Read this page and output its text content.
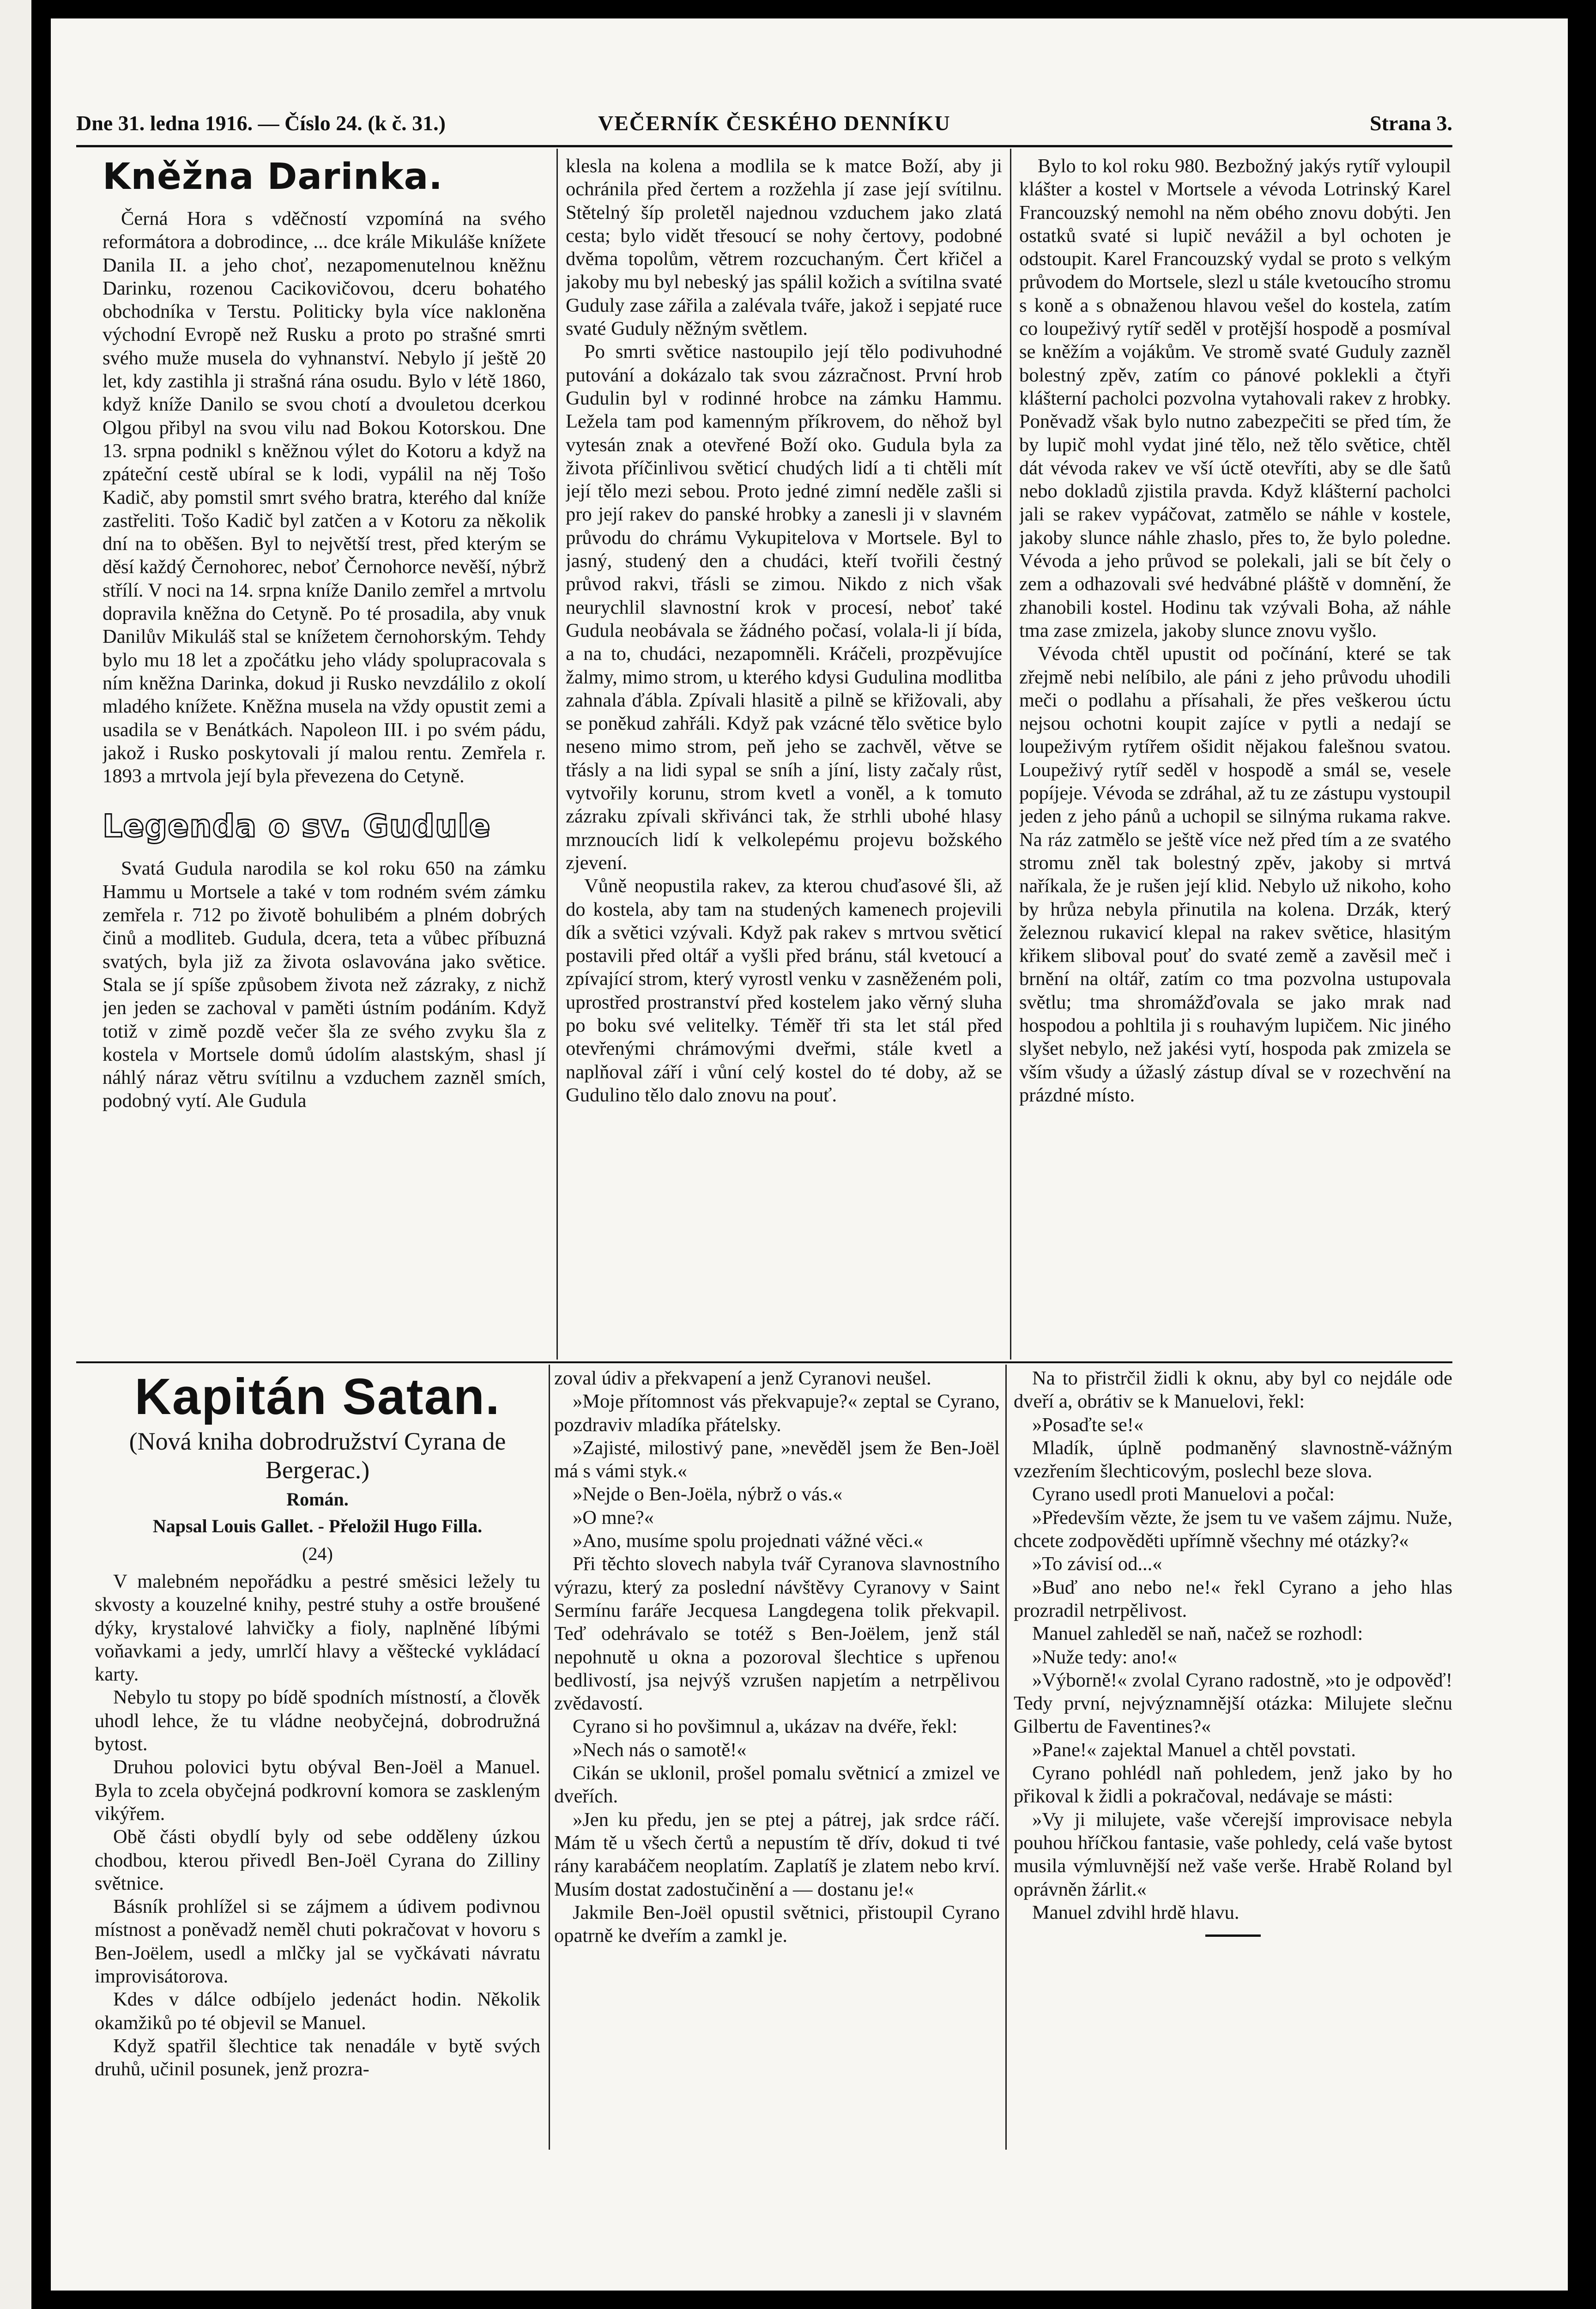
Dne 31. ledna 1916. — Číslo 24. (k č. 31.)	VEČERNÍK ČESKÉHO DENNÍKU	Strana 3.
Kněžna Darinka.

Černá Hora s vděčností vzpomíná na svého reformátora a dobrodince, ... dce krále Mikuláše knížete Danila II. a jeho choť, nezapomenutelnou kněžnu Darinku, rozenou Cacikovičovou, dceru bohatého obchodníka v Terstu. Politicky byla více nakloněna východní Evropě než Rusku a proto po strašné smrti svého muže musela do vyhnanství. Nebylo jí ještě 20 let, kdy zastihla ji strašná rána osudu. Bylo v létě 1860, když kníže Danilo se svou chotí a dvouletou dcerkou Olgou přibyl na svou vilu nad Bokou Kotorskou. Dne 13. srpna podnikl s kněžnou výlet do Kotoru a když na zpáteční cestě ubíral se k lodi, vypálil na něj Tošo Kadič, aby pomstil smrt svého bratra, kterého dal kníže zastřeliti. Tošo Kadič byl zatčen a v Kotoru za několik dní na to oběšen. Byl to největší trest, před kterým se děsí každý Černohorec, neboť Černohorce nevěší, nýbrž střílí. V noci na 14. srpna kníže Danilo zemřel a mrtvolu dopravila kněžna do Cetyně. Po té prosadila, aby vnuk Danilův Mikuláš stal se knížetem černohorským. Tehdy bylo mu 18 let a zpočátku jeho vlády spolupracovala s ním kněžna Darinka, dokud ji Rusko nevzdálilo z okolí mladého knížete. Kněžna musela na vždy opustit zemi a usadila se v Benátkách. Napoleon III. i po svém pádu, jakož i Rusko poskytovali jí malou rentu. Zemřela r. 1893 a mrtvola její byla převezena do Cetyně.

Legenda o sv. Gudule

Svatá Gudula narodila se kol roku 650 na zámku Hammu u Mortsele a také v tom rodném svém zámku zemřela r. 712 po životě bohulibém a plném dobrých činů a modliteb. Gudula, dcera, teta a vůbec příbuzná svatých, byla již za života oslavována jako světice. Stala se jí spíše způsobem života než zázraky, z nichž jen jeden se zachoval v paměti ústním podáním. Když totiž v zimě pozdě večer šla ze svého zvyku šla z kostela v Mortsele domů údolím alastským, shasl jí náhlý náraz větru svítilnu a vzduchem zazněl smích, podobný vytí. Ale Gudula

klesla na kolena a modlila se k matce Boží, aby ji ochránila před čertem a rozžehla jí zase její svítilnu. Stětelný šíp proletěl najednou vzduchem jako zlatá cesta; bylo vidět třesoucí se nohy čertovy, podobné dvěma topolům, větrem rozcuchaným. Čert křičel a jakoby mu byl nebeský jas spálil kožich a svítilna svaté Guduly zase zářila a zalévala tváře, jakož i sepjaté ruce svaté Guduly něžným světlem.

Po smrti světice nastoupilo její tělo podivuhodné putování a dokázalo tak svou zázračnost. První hrob Gudulin byl v rodinné hrobce na zámku Hammu. Ležela tam pod kamenným příkrovem, do něhož byl vytesán znak a otevřené Boží oko. Gudula byla za života příčinlivou světicí chudých lidí a ti chtěli mít její tělo mezi sebou. Proto jedné zimní neděle zašli si pro její rakev do panské hrobky a zanesli ji v slavném průvodu do chrámu Vykupitelova v Mortsele. Byl to jasný, studený den a chudáci, kteří tvořili čestný průvod rakvi, třásli se zimou. Nikdo z nich však neurychlil slavnostní krok v procesí, neboť také Gudula neobávala se žádného počasí, volala-li jí bída, a na to, chudáci, nezapomněli. Kráčeli, prozpěvujíce žalmy, mimo strom, u kterého kdysi Gudulina modlitba zahnala ďábla. Zpívali hlasitě a pilně se křižovali, aby se poněkud zahřáli. Když pak vzácné tělo světice bylo neseno mimo strom, peň jeho se zachvěl, větve se třásly a na lidi sypal se sníh a jíní, listy začaly růst, vytvořily korunu, strom kvetl a voněl, a k tomuto zázraku zpívali skřivánci tak, že strhli ubohé hlasy mrznoucích lidí k velkolepému projevu božského zjevení.

Vůně neopustila rakev, za kterou chuďasové šli, až do kostela, aby tam na studených kamenech projevili dík a světici vzývali. Když pak rakev s mrtvou světicí postavili před oltář a vyšli před bránu, stál kvetoucí a zpívající strom, který vyrostl venku v zasněženém poli, uprostřed prostranství před kostelem jako věrný sluha po boku své velitelky. Téměř tři sta let stál před otevřenými chrámovými dveřmi, stále kvetl a naplňoval září i vůní celý kostel do té doby, až se Gudulino tělo dalo znovu na pouť.

Bylo to kol roku 980. Bezbožný jakýs rytíř vyloupil klášter a kostel v Mortsele a vévoda Lotrinský Karel Francouzský nemohl na něm obého znovu dobýti. Jen ostatků svaté si lupič nevážil a byl ochoten je odstoupit. Karel Francouzský vydal se proto s velkým průvodem do Mortsele, slezl u stále kvetoucího stromu s koně a s obnaženou hlavou vešel do kostela, zatím co loupeživý rytíř seděl v protější hospodě a posmíval se kněžím a vojákům. Ve stromě svaté Guduly zazněl bolestný zpěv, zatím co pánové poklekli a čtyři klášterní pacholci pozvolna vytahovali rakev z hrobky. Poněvadž však bylo nutno zabezpečiti se před tím, že by lupič mohl vydat jiné tělo, než tělo světice, chtěl dát vévoda rakev ve vší úctě otevříti, aby se dle šatů nebo dokladů zjistila pravda. Když klášterní pacholci jali se rakev vypáčovat, zatmělo se náhle v kostele, jakoby slunce náhle zhaslo, přes to, že bylo poledne. Vévoda a jeho průvod se polekali, jali se bít čely o zem a odhazovali své hedvábné pláště v domnění, že zhanobili kostel. Hodinu tak vzývali Boha, až náhle tma zase zmizela, jakoby slunce znovu vyšlo.

Vévoda chtěl upustit od počínání, které se tak zřejmě nebi nelíbilo, ale páni z jeho průvodu uhodili meči o podlahu a přísahali, že přes veškerou úctu nejsou ochotni koupit zajíce v pytli a nedají se loupeživým rytířem ošidit nějakou falešnou svatou. Loupeživý rytíř seděl v hospodě a smál se, vesele popíjeje. Vévoda se zdráhal, až tu ze zástupu vystoupil jeden z jeho pánů a uchopil se silnýma rukama rakve. Na ráz zatmělo se ještě více než před tím a ze svatého stromu zněl tak bolestný zpěv, jakoby si mrtvá naříkala, že je rušen její klid. Nebylo už nikoho, koho by hrůza nebyla přinutila na kolena. Drzák, který železnou rukavicí klepal na rakev světice, hlasitým křikem sliboval pouť do svaté země a zavěsil meč i brnění na oltář, zatím co tma pozvolna ustupovala světlu; tma shromážďovala se jako mrak nad hospodou a pohltila ji s rouhavým lupičem. Nic jiného slyšet nebylo, než jakési vytí, hospoda pak zmizela se vším všudy a úžaslý zástup díval se v rozechvění na prázdné místo.

Kapitán Satan.

(Nová kniha dobrodružství Cyrana de Bergerac.)

Román.

Napsal Louis Gallet. - Přeložil Hugo Filla.

(24)

V malebném nepořádku a pestré směsici ležely tu skvosty a kouzelné knihy, pestré stuhy a ostře broušené dýky, krystalové lahvičky a fioly, naplněné líbými voňavkami a jedy, umrlčí hlavy a věštecké vykládací karty.

Nebylo tu stopy po bídě spodních místností, a člověk uhodl lehce, že tu vládne neobyčejná, dobrodružná bytost.

Druhou polovici bytu obýval Ben-Joël a Manuel. Byla to zcela obyčejná podkrovní komora se zaskleným vikýřem.

Obě části obydlí byly od sebe odděleny úzkou chodbou, kterou přivedl Ben-Joël Cyrana do Zilliny světnice.

Básník prohlížel si se zájmem a údivem podivnou místnost a poněvadž neměl chuti pokračovat v hovoru s Ben-Joëlem, usedl a mlčky jal se vyčkávati návratu improvisátorova.

Kdes v dálce odbíjelo jedenáct hodin. Několik okamžiků po té objevil se Manuel.

Když spatřil šlechtice tak nenadále v bytě svých druhů, učinil posunek, jenž prozra-

zoval údiv a překvapení a jenž Cyranovi neušel.

»Moje přítomnost vás překvapuje?« zeptal se Cyrano, pozdraviv mladíka přátelsky.

»Zajisté, milostivý pane, »nevěděl jsem že Ben-Joël má s vámi styk.«

»Nejde o Ben-Joëla, nýbrž o vás.«

»O mne?«

»Ano, musíme spolu projednati vážné věci.«

Při těchto slovech nabyla tvář Cyranova slavnostního výrazu, který za poslední návštěvy Cyranovy v Saint Sermínu faráře Jecquesa Langdegena tolik překvapil. Teď odehrávalo se totéž s Ben-Joëlem, jenž stál nepohnutě u okna a pozoroval šlechtice s upřenou bedlivostí, jsa nejvýš vzrušen napjetím a netrpělivou zvědavostí.

Cyrano si ho povšimnul a, ukázav na dvéře, řekl:

»Nech nás o samotě!«

Cikán se uklonil, prošel pomalu světnicí a zmizel ve dveřích.

»Jen ku předu, jen se ptej a pátrej, jak srdce ráčí. Mám tě u všech čertů a nepustím tě dřív, dokud ti tvé rány karabáčem neoplatím. Zaplatíš je zlatem nebo krví. Musím dostat zadostučinění a — dostanu je!«

Jakmile Ben-Joël opustil světnici, přistoupil Cyrano opatrně ke dveřím a zamkl je.

Na to přistrčil židli k oknu, aby byl co nejdále ode dveří a, obrátiv se k Manuelovi, řekl:

»Posaďte se!«

Mladík, úplně podmaněný slavnostně-vážným vzezřením šlechticovým, poslechl beze slova.

Cyrano usedl proti Manuelovi a počal:

»Především vězte, že jsem tu ve vašem zájmu. Nuže, chcete zodpověděti upřímně všechny mé otázky?«

»To závisí od...«

»Buď ano nebo ne!« řekl Cyrano a jeho hlas prozradil netrpělivost.

Manuel zahleděl se naň, načež se rozhodl:

»Nuže tedy: ano!«

»Výborně!« zvolal Cyrano radostně, »to je odpověď! Tedy první, nejvýznamnější otázka: Milujete slečnu Gilbertu de Faventines?«

»Pane!« zajektal Manuel a chtěl povstati.

Cyrano pohlédl naň pohledem, jenž jako by ho přikoval k židli a pokračoval, nedávaje se másti:

»Vy ji milujete, vaše včerejší improvisace nebyla pouhou hříčkou fantasie, vaše pohledy, celá vaše bytost musila výmluvnější než vaše verše. Hrabě Roland byl oprávněn žárlit.«

Manuel zdvihl hrdě hlavu.
